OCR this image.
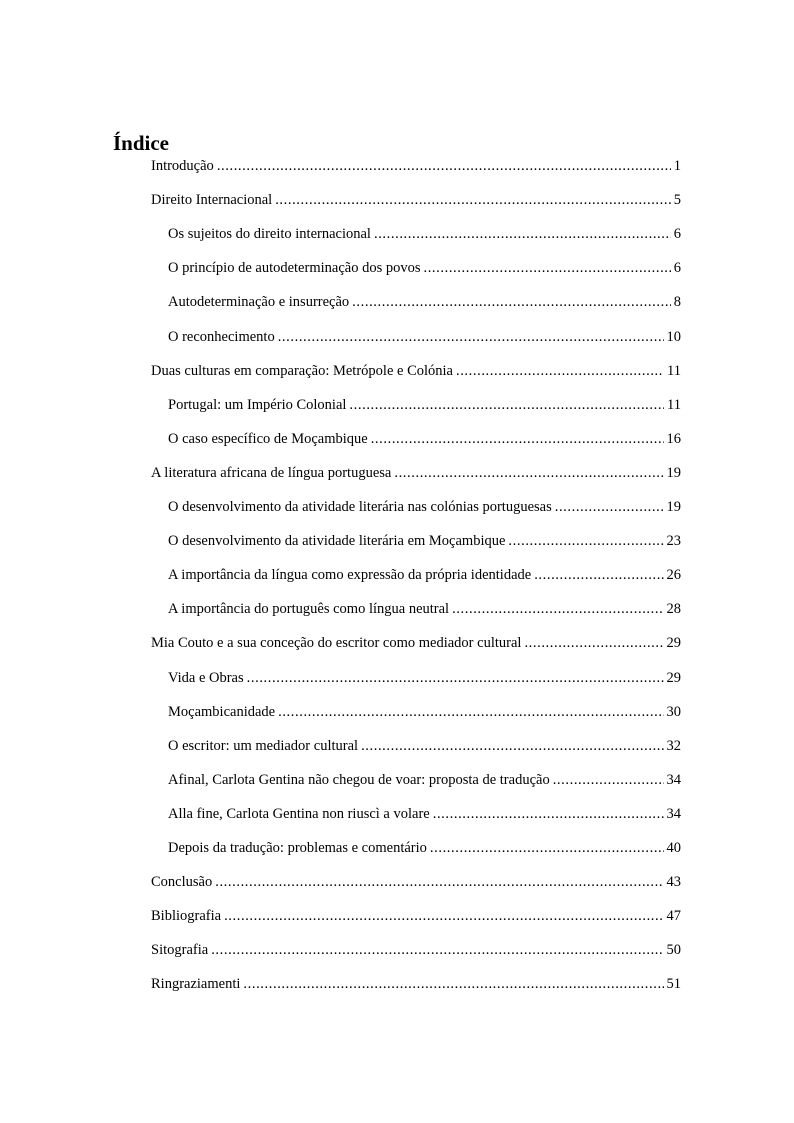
Índice
Introdução .....	1
Direito Internacional .....	5
Os sujeitos do direito internacional .....	6
O princípio de autodeterminação dos povos .....	6
Autodeterminação e insurreção .....	8
O reconhecimento .....	10
Duas culturas em comparação: Metrópole e Colónia .....	11
Portugal: um Império Colonial .....	11
O caso específico de Moçambique .....	16
A literatura africana de língua portuguesa .....	19
O desenvolvimento da atividade literária nas colónias portuguesas .....	19
O desenvolvimento da atividade literária em Moçambique .....	23
A importância da língua como expressão da própria identidade .....	26
A importância do português como língua neutral .....	28
Mia Couto e a sua conceção do escritor como mediador cultural .....	29
Vida e Obras .....	29
Moçambicanidade .....	30
O escritor: um mediador cultural .....	32
Afinal, Carlota Gentina não chegou de voar: proposta de tradução .....	34
Alla fine, Carlota Gentina non riuscì a volare .....	34
Depois da tradução: problemas e comentário .....	40
Conclusão .....	43
Bibliografia .....	47
Sitografia .....	50
Ringraziamenti .....	51
